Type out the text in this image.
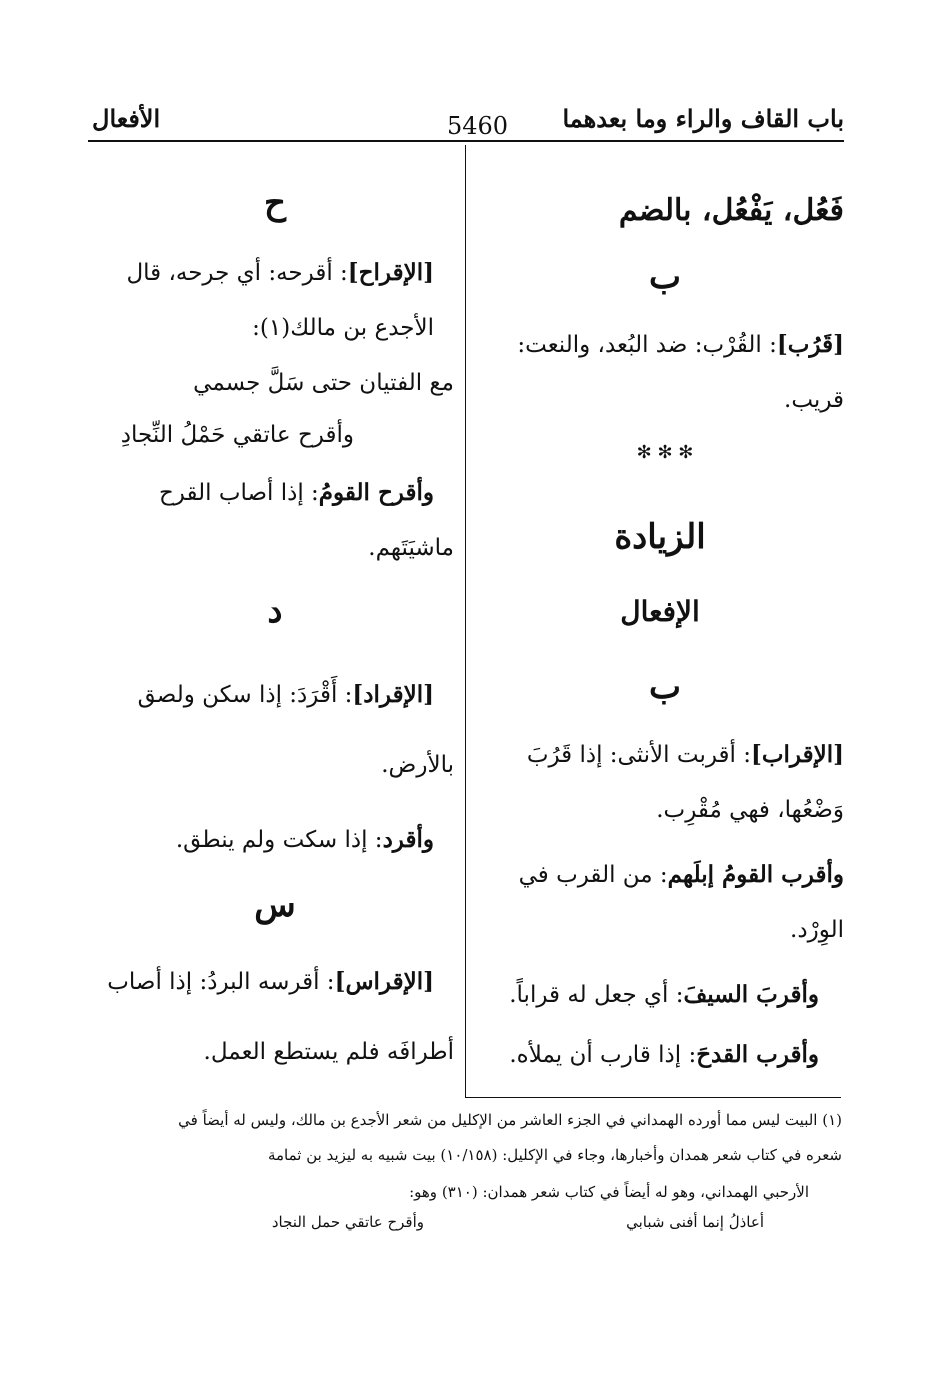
باب القاف والراء وما بعدهما
5460
الأفعال
فَعُل، يَفْعُل، بالضم
ب
[قَرُب]: القُرْب: ضد البُعد، والنعت:
قريب.
✻ ✻ ✻
الزيادة
الإفعال
ب
[الإقراب]: أقربت الأنثى: إذا قَرُبَ
وَضْعُها، فهي مُقْرِب.
وأقرب القومُ إبلَهم: من القرب في
الوِرْد.
وأقربَ السيفَ: أي جعل له قراباً.
وأقرب القدحَ: إذا قارب أن يملأه.
ح
[الإقراح]: أقرحه: أي جرحه، قال
الأجدع بن مالك(١):
مع الفتيان حتى سَلَّ جسمي
وأقرح عاتقي حَمْلُ النِّجادِ
وأقرح القومُ: إذا أصاب القرح
ماشيَتَهم.
د
[الإقراد]: أَقْرَدَ: إذا سكن ولصق
بالأرض.
وأقرد: إذا سكت ولم ينطق.
س
[الإقراس]: أقرسه البردُ: إذا أصاب
أطرافَه فلم يستطع العمل.
(١) البيت ليس مما أورده الهمداني في الجزء العاشر من الإكليل من شعر الأجدع بن مالك، وليس له أيضاً في
شعره في كتاب شعر همدان وأخبارها، وجاء في الإكليل: (١٠/١٥٨) بيت شبيه به ليزيد بن ثمامة
الأرحبي الهمداني، وهو له أيضاً في كتاب شعر همدان: (٣١٠) وهو:
أعاذلُ إنما أفنى شبابي
وأقرح عاتقي حمل النجاد
